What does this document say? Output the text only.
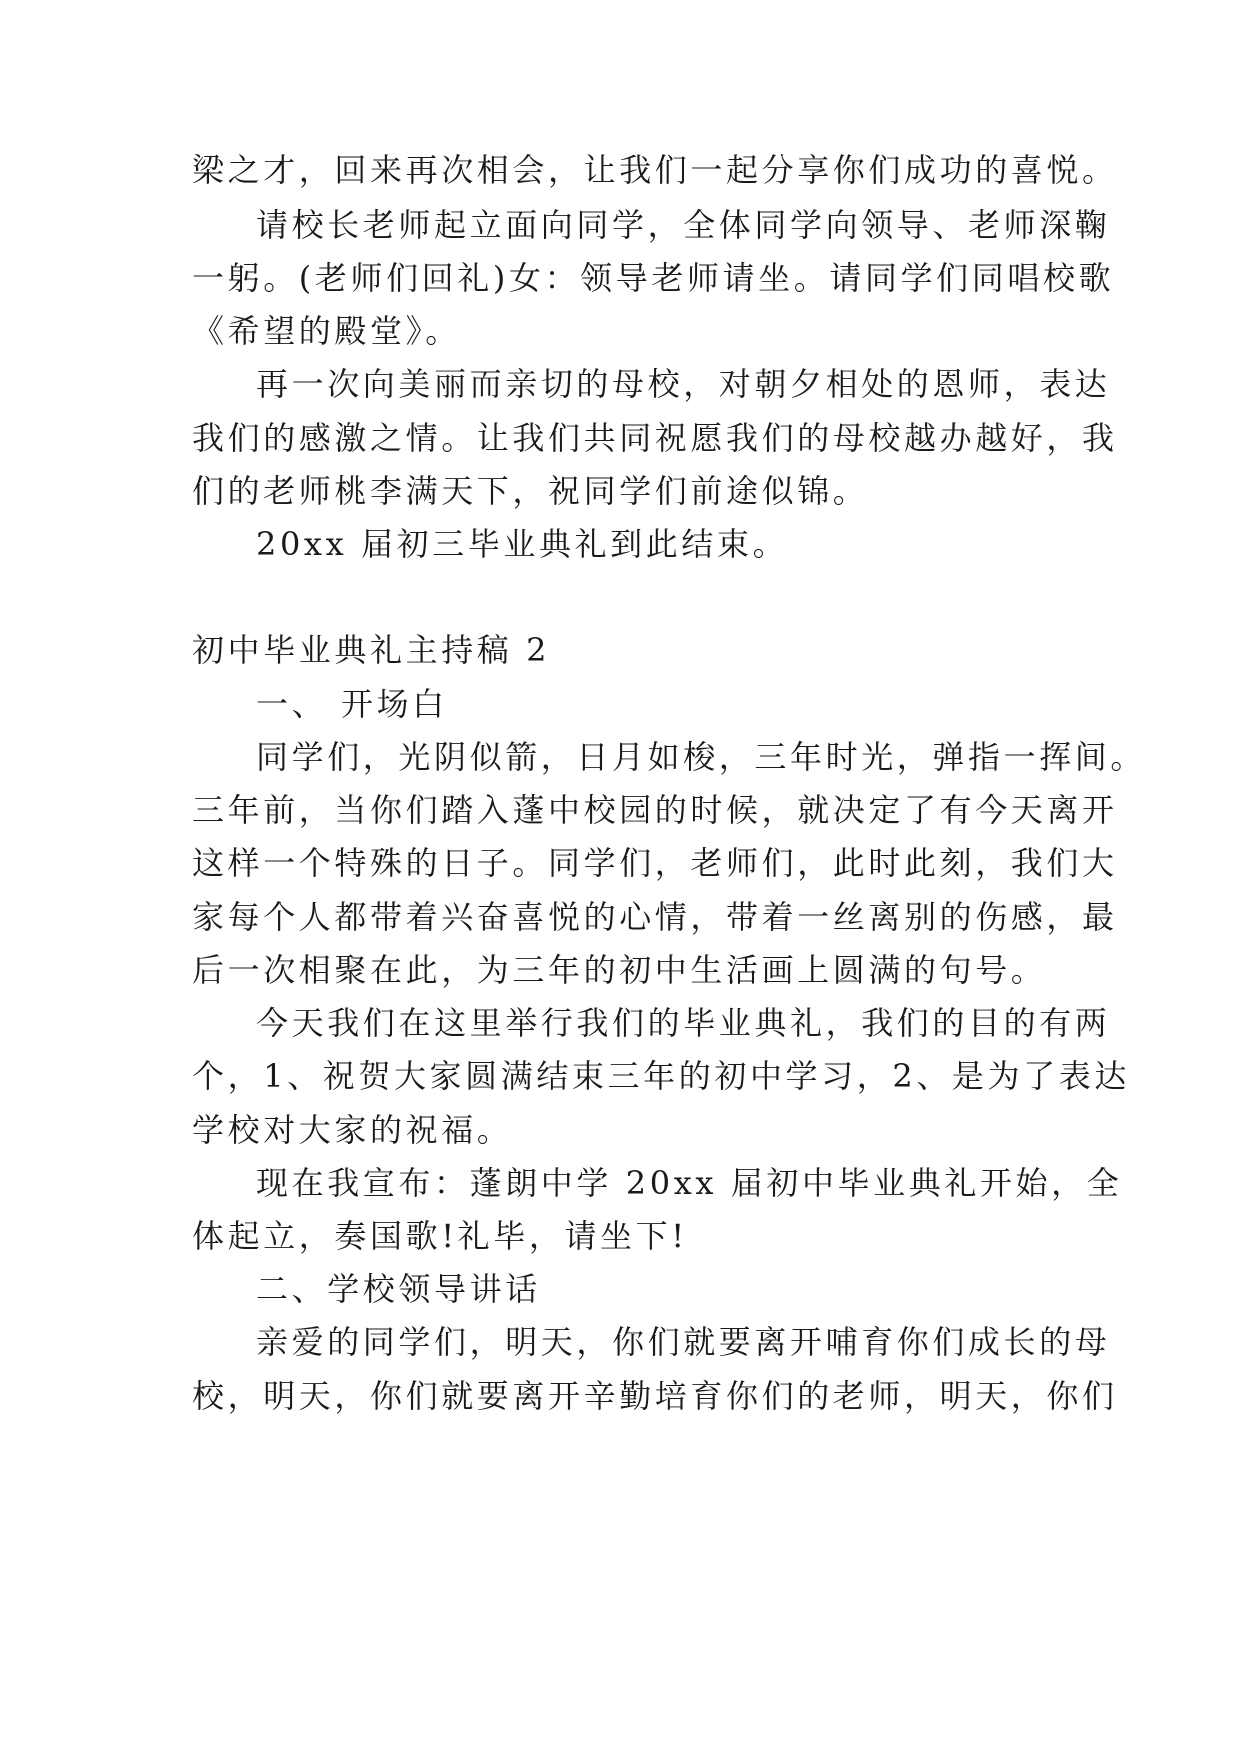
梁之才，回来再次相会，让我们一起分享你们成功的喜悦。
请校长老师起立面向同学，全体同学向领导、老师深鞠
一躬。(老师们回礼)女：领导老师请坐。请同学们同唱校歌
《希望的殿堂》。
再一次向美丽而亲切的母校，对朝夕相处的恩师，表达
我们的感激之情。让我们共同祝愿我们的母校越办越好，我
们的老师桃李满天下，祝同学们前途似锦。
20xx 届初三毕业典礼到此结束。
初中毕业典礼主持稿 2
一、 开场白
同学们，光阴似箭，日月如梭，三年时光，弹指一挥间。
三年前，当你们踏入蓬中校园的时候，就决定了有今天离开
这样一个特殊的日子。同学们，老师们，此时此刻，我们大
家每个人都带着兴奋喜悦的心情，带着一丝离别的伤感，最
后一次相聚在此，为三年的初中生活画上圆满的句号。
今天我们在这里举行我们的毕业典礼，我们的目的有两
个，1、祝贺大家圆满结束三年的初中学习，2、是为了表达
学校对大家的祝福。
现在我宣布：蓬朗中学 20xx 届初中毕业典礼开始，全
体起立，奏国歌!礼毕，请坐下!
二、学校领导讲话
亲爱的同学们，明天，你们就要离开哺育你们成长的母
校，明天，你们就要离开辛勤培育你们的老师，明天，你们
